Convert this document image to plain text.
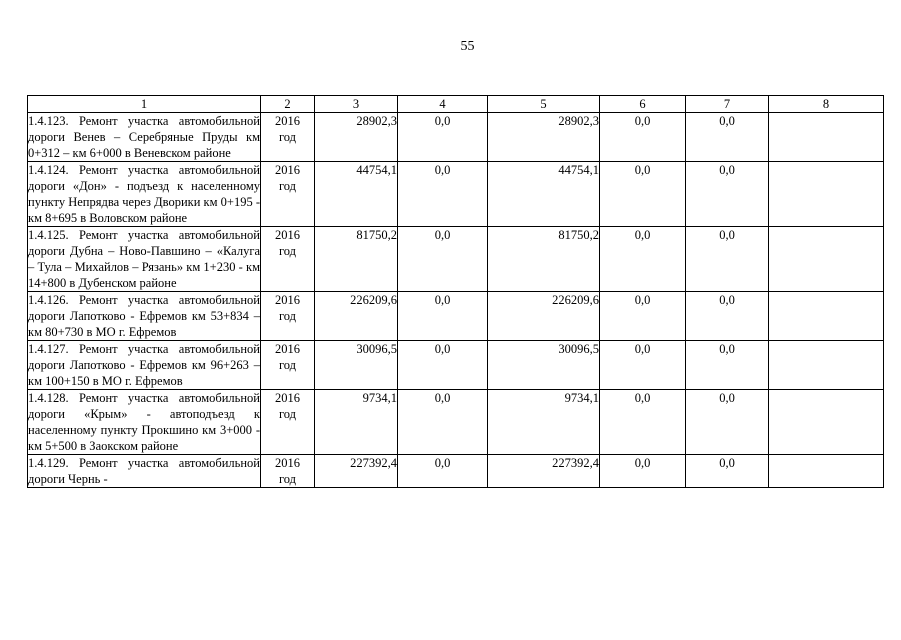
55
1	2	3	4	5	6	7	8

1.4.123. Ремонт участка автомобильной дороги Венев – Серебряные Пруды км 0+312 – км 6+000 в Веневском районе	2016 год	28902,3	0,0	28902,3	0,0	0,0	

1.4.124. Ремонт участка автомобильной дороги «Дон» - подъезд к населенному пункту Непрядва через Дворики км 0+195 - км 8+695 в Воловском районе	2016 год	44754,1	0,0	44754,1	0,0	0,0	

1.4.125. Ремонт участка автомобильной дороги Дубна – Ново-Павшино – «Калуга – Тула – Михайлов – Рязань» км 1+230 - км 14+800 в Дубенском районе	2016 год	81750,2	0,0	81750,2	0,0	0,0	

1.4.126. Ремонт участка автомобильной дороги Лапотково - Ефремов км 53+834 – км 80+730 в МО г. Ефремов	2016 год	226209,6	0,0	226209,6	0,0	0,0	

1.4.127. Ремонт участка автомобильной дороги Лапотково - Ефремов км 96+263 – км 100+150 в МО г. Ефремов	2016 год	30096,5	0,0	30096,5	0,0	0,0	

1.4.128. Ремонт участка автомобильной дороги «Крым» - автоподъезд к населенному пункту Прокшино км 3+000 - км 5+500 в Заокском районе	2016 год	9734,1	0,0	9734,1	0,0	0,0	

1.4.129. Ремонт участка автомобильной дороги Чернь -	2016 год	227392,4	0,0	227392,4	0,0	0,0	
